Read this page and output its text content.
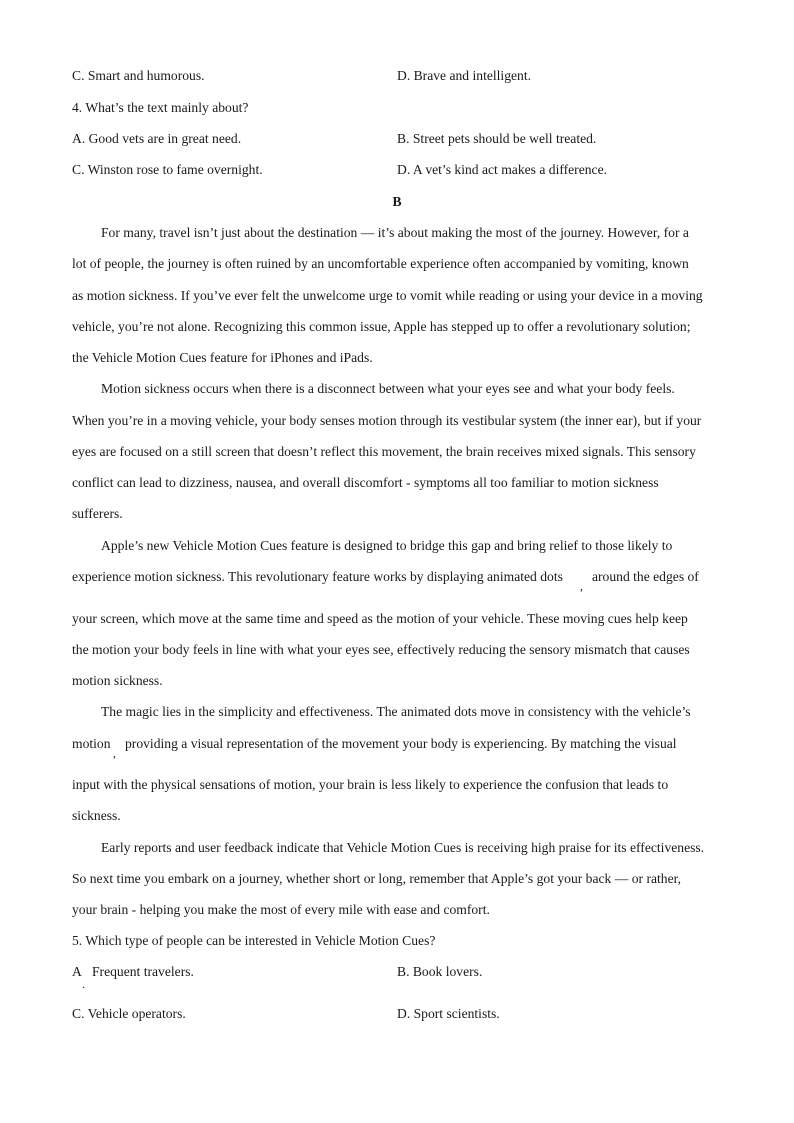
C. Smart and humorous.	D. Brave and intelligent.
4. What’s the text mainly about?
A. Good vets are in great need.	B. Street pets should be well treated.
C. Winston rose to fame overnight.	D. A vet’s kind act makes a difference.
B
For many, travel isn’t just about the destination — it’s about making the most of the journey. However, for a
lot of people, the journey is often ruined by an uncomfortable experience often accompanied by vomiting, known
as motion sickness. If you’ve ever felt the unwelcome urge to vomit while reading or using your device in a moving
vehicle, you’re not alone. Recognizing this common issue, Apple has stepped up to offer a revolutionary solution;
the Vehicle Motion Cues feature for iPhones and iPads.
Motion sickness occurs when there is a disconnect between what your eyes see and what your body feels.
When you’re in a moving vehicle, your body senses motion through its vestibular system (the inner ear), but if your
eyes are focused on a still screen that doesn’t reflect this movement, the brain receives mixed signals. This sensory
conflict can lead to dizziness, nausea, and overall discomfort - symptoms all too familiar to motion sickness
sufferers.
Apple’s new Vehicle Motion Cues feature is designed to bridge this gap and bring relief to those likely to
experience motion sickness. This revolutionary feature works by displaying animated dots
,
around the edges of
your screen, which move at the same time and speed as the motion of your vehicle. These moving cues help keep
the motion your body feels in line with what your eyes see, effectively reducing the sensory mismatch that causes
motion sickness.
The magic lies in the simplicity and effectiveness. The animated dots move in consistency with the vehicle’s
motion
,
providing a visual representation of the movement your body is experiencing. By matching the visual
input with the physical sensations of motion, your brain is less likely to experience the confusion that leads to
sickness.
Early reports and user feedback indicate that Vehicle Motion Cues is receiving high praise for its effectiveness.
So next time you embark on a journey, whether short or long, remember that Apple’s got your back — or rather,
your brain - helping you make the most of every mile with ease and comfort.
5. Which type of people can be interested in Vehicle Motion Cues?
A
.
Frequent travelers.	B. Book lovers.
C. Vehicle operators.	D. Sport scientists.
